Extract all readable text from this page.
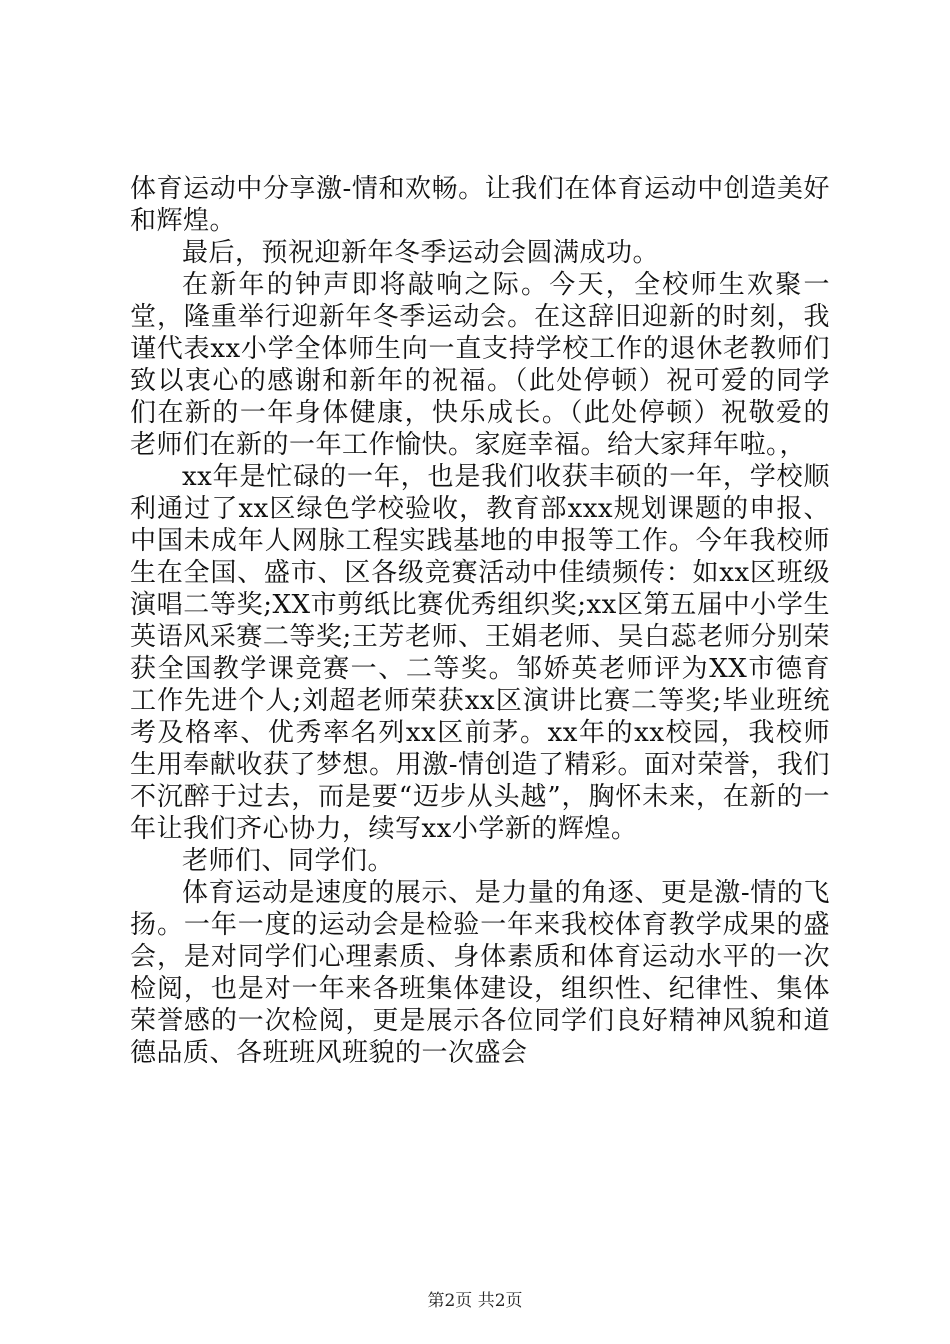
体育运动中分享激-情和欢畅。让我们在体育运动中创造美好和辉煌。

最后，预祝迎新年冬季运动会圆满成功。

在新年的钟声即将敲响之际。今天，全校师生欢聚一堂，隆重举行迎新年冬季运动会。在这辞旧迎新的时刻，我谨代表xx小学全体师生向一直支持学校工作的退休老教师们致以衷心的感谢和新年的祝福。（此处停顿）祝可爱的同学们在新的一年身体健康，快乐成长。（此处停顿）祝敬爱的老师们在新的一年工作愉快。家庭幸福。给大家拜年啦。，

xx年是忙碌的一年，也是我们收获丰硕的一年，学校顺利通过了xx区绿色学校验收，教育部xxx规划课题的申报、中国未成年人网脉工程实践基地的申报等工作。今年我校师生在全国、盛市、区各级竞赛活动中佳绩频传：如xx区班级演唱二等奖;XX市剪纸比赛优秀组织奖;xx区第五届中小学生英语风采赛二等奖;王芳老师、王娟老师、吴白蕊老师分别荣获全国教学课竞赛一、二等奖。邹娇英老师评为XX市德育工作先进个人;刘超老师荣获xx区演讲比赛二等奖;毕业班统考及格率、优秀率名列xx区前茅。xx年的xx校园，我校师生用奉献收获了梦想。用激-情创造了精彩。面对荣誉，我们不沉醉于过去，而是要“迈步从头越”，胸怀未来，在新的一年让我们齐心协力，续写xx小学新的辉煌。

老师们、同学们。

体育运动是速度的展示、是力量的角逐、更是激-情的飞扬。一年一度的运动会是检验一年来我校体育教学成果的盛会，是对同学们心理素质、身体素质和体育运动水平的一次检阅，也是对一年来各班集体建设，组织性、纪律性、集体荣誉感的一次检阅，更是展示各位同学们良好精神风貌和道德品质、各班班风班貌的一次盛会

第2页 共2页
